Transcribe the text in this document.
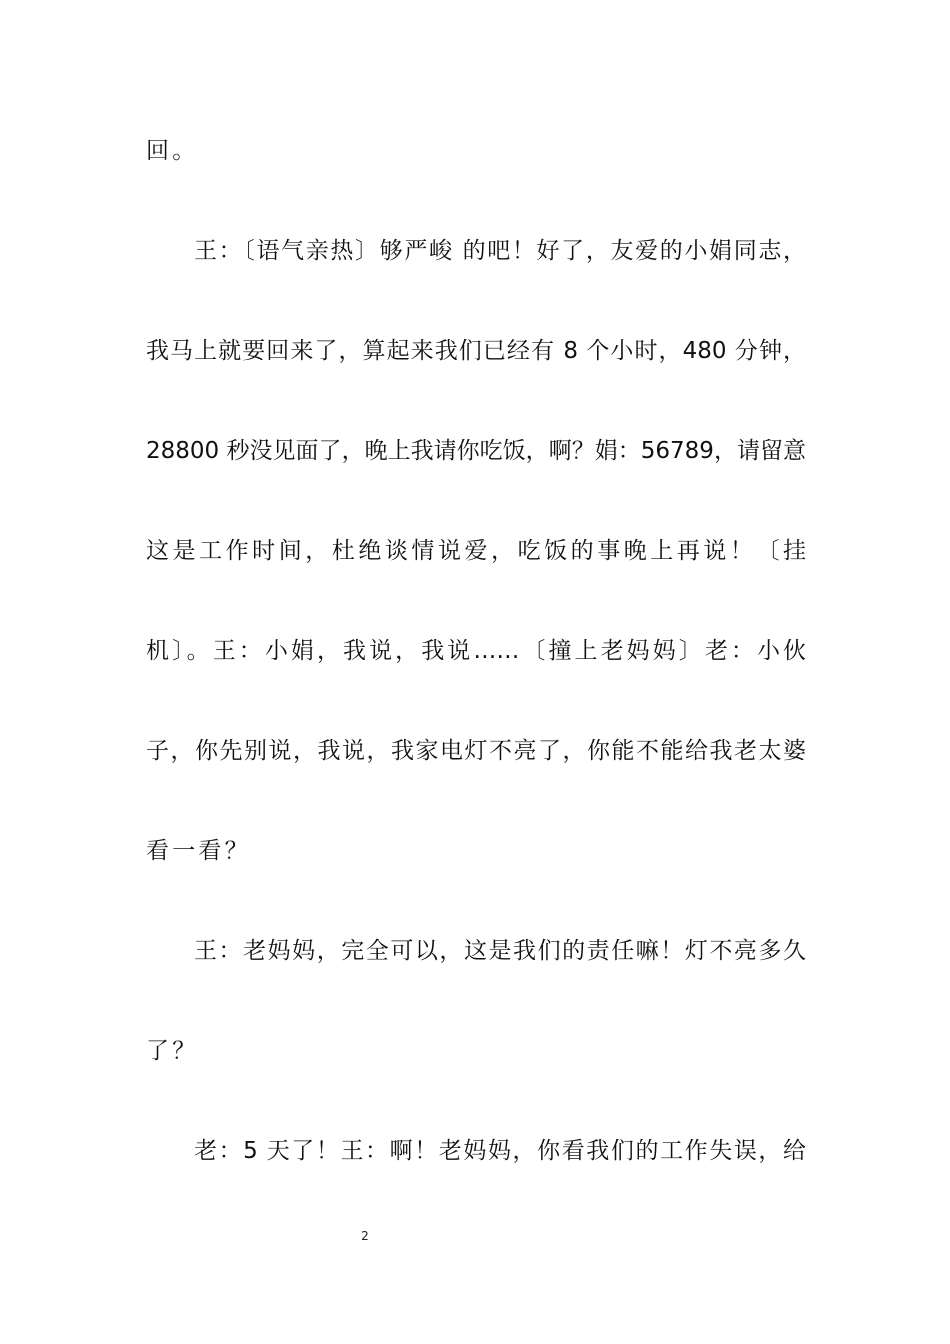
回。
王：〔语气亲热〕够严峻 的吧！好了，友爱的小娟同志，
我马上就要回来了，算起来我们已经有 8 个小时，480 分钟，
28800 秒没见面了，晚上我请你吃饭，啊？娟：56789，请留意
这是工作时间，杜绝谈情说爱，吃饭的事晚上再说！〔挂
机〕。王：小娟，我说，我说……〔撞上老妈妈〕老：小伙
子，你先别说，我说，我家电灯不亮了，你能不能给我老太婆
看一看？
王：老妈妈，完全可以，这是我们的责任嘛！灯不亮多久
了？
老：5 天了！王：啊！老妈妈，你看我们的工作失误，给
2
